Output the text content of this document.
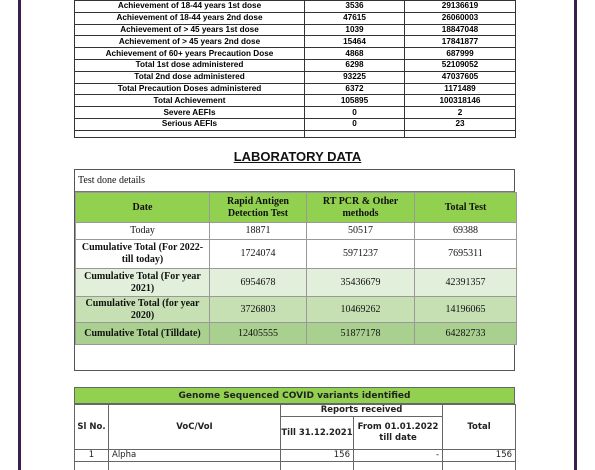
Achievement of 18-44 years 1st dose	3536	29136619
Achievement of 18-44 years 2nd dose	47615	26060003
Achievement of > 45 years 1st dose	1039	18847048
Achievement of > 45 years 2nd dose	15464	17841877
Achievement of 60+ years Precaution Dose	4868	687999
Total 1st dose administered	6298	52109052
Total 2nd dose administered	93225	47037605
Total Precaution Doses administered	6372	1171489
Total Achievement	105895	100318146
Severe AEFIs	0	2
Serious AEFIs	0	23

LABORATORY DATA
Test done details
Date	Rapid Antigen Detection Test	RT PCR & Other methods	Total Test
Today	18871	50517	69388
Cumulative Total (For 2022- till today)	1724074	5971237	7695311
Cumulative Total (For year 2021)	6954678	35436679	42391357
Cumulative Total (for year 2020)	3726803	10469262	14196065
Cumulative Total (Tilldate)	12405555	51877178	64282733
Genome Sequenced COVID variants identified
Sl No.	VoC/VoI	Reports received		Total
		Till 31.12.2021	From 01.01.2022 till date	
1	Alpha	156	-	156
